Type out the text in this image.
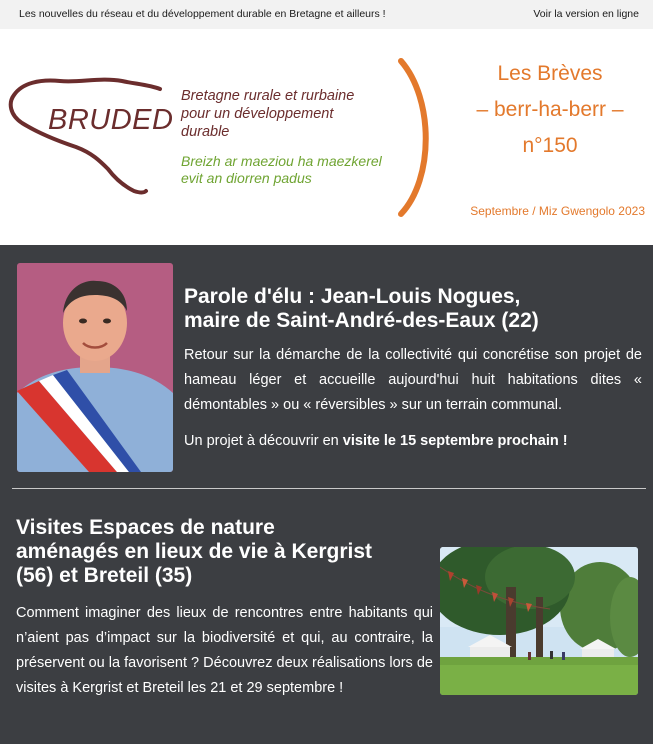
Les nouvelles du réseau et du développement durable en Bretagne et ailleurs !	Voir la version en ligne
BRUDED
Bretagne rurale et rurbaine
pour un développement
durable
Breizh ar maeziou ha maezkerel
evit an diorren padus
Les Brèves
– berr-ha-berr –
n°150
Septembre / Miz Gwengolo 2023
Parole d'élu : Jean-Louis Nogues,
maire de Saint-André-des-Eaux (22)

Retour sur la démarche de la collectivité qui concrétise son projet de hameau léger et accueille aujourd'hui huit habitations dites « démontables » ou « réversibles » sur un terrain communal.

Un projet à découvrir en visite le 15 septembre prochain !

Visites Espaces de nature
aménagés en lieux de vie à Kergrist
(56) et Breteil (35)

Comment imaginer des lieux de rencontres entre habitants qui n’aient pas d’impact sur la biodiversité et qui, au contraire, la préservent ou la favorisent ? Découvrez deux réalisations lors de visites à Kergrist et Breteil les 21 et 29 septembre !
